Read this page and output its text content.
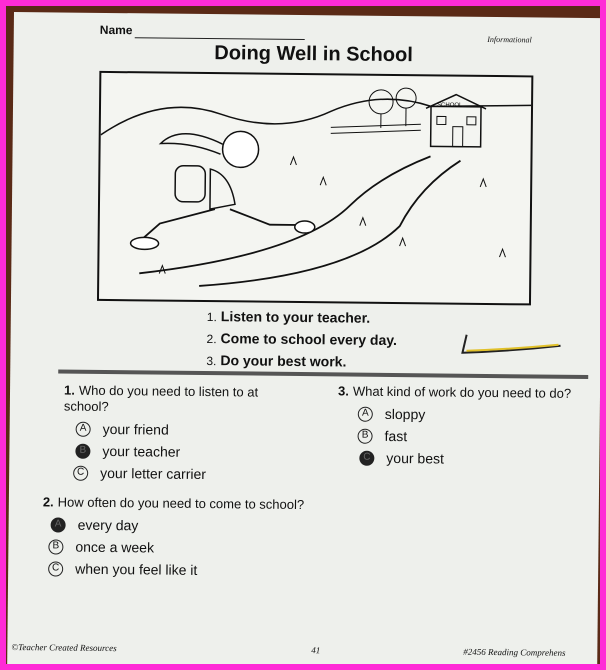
Name
Informational
Doing Well in School
SCHOOL
1. Listen to your teacher.
2. Come to school every day.
3. Do your best work.
1. Who do you need to listen to at school?
A your friend
B your teacher
C your letter carrier
3. What kind of work do you need to do?
A sloppy
B fast
C your best
2. How often do you need to come to school?
A every day
B once a week
C when you feel like it
©Teacher Created Resources	41	#2456 Reading Comprehens
